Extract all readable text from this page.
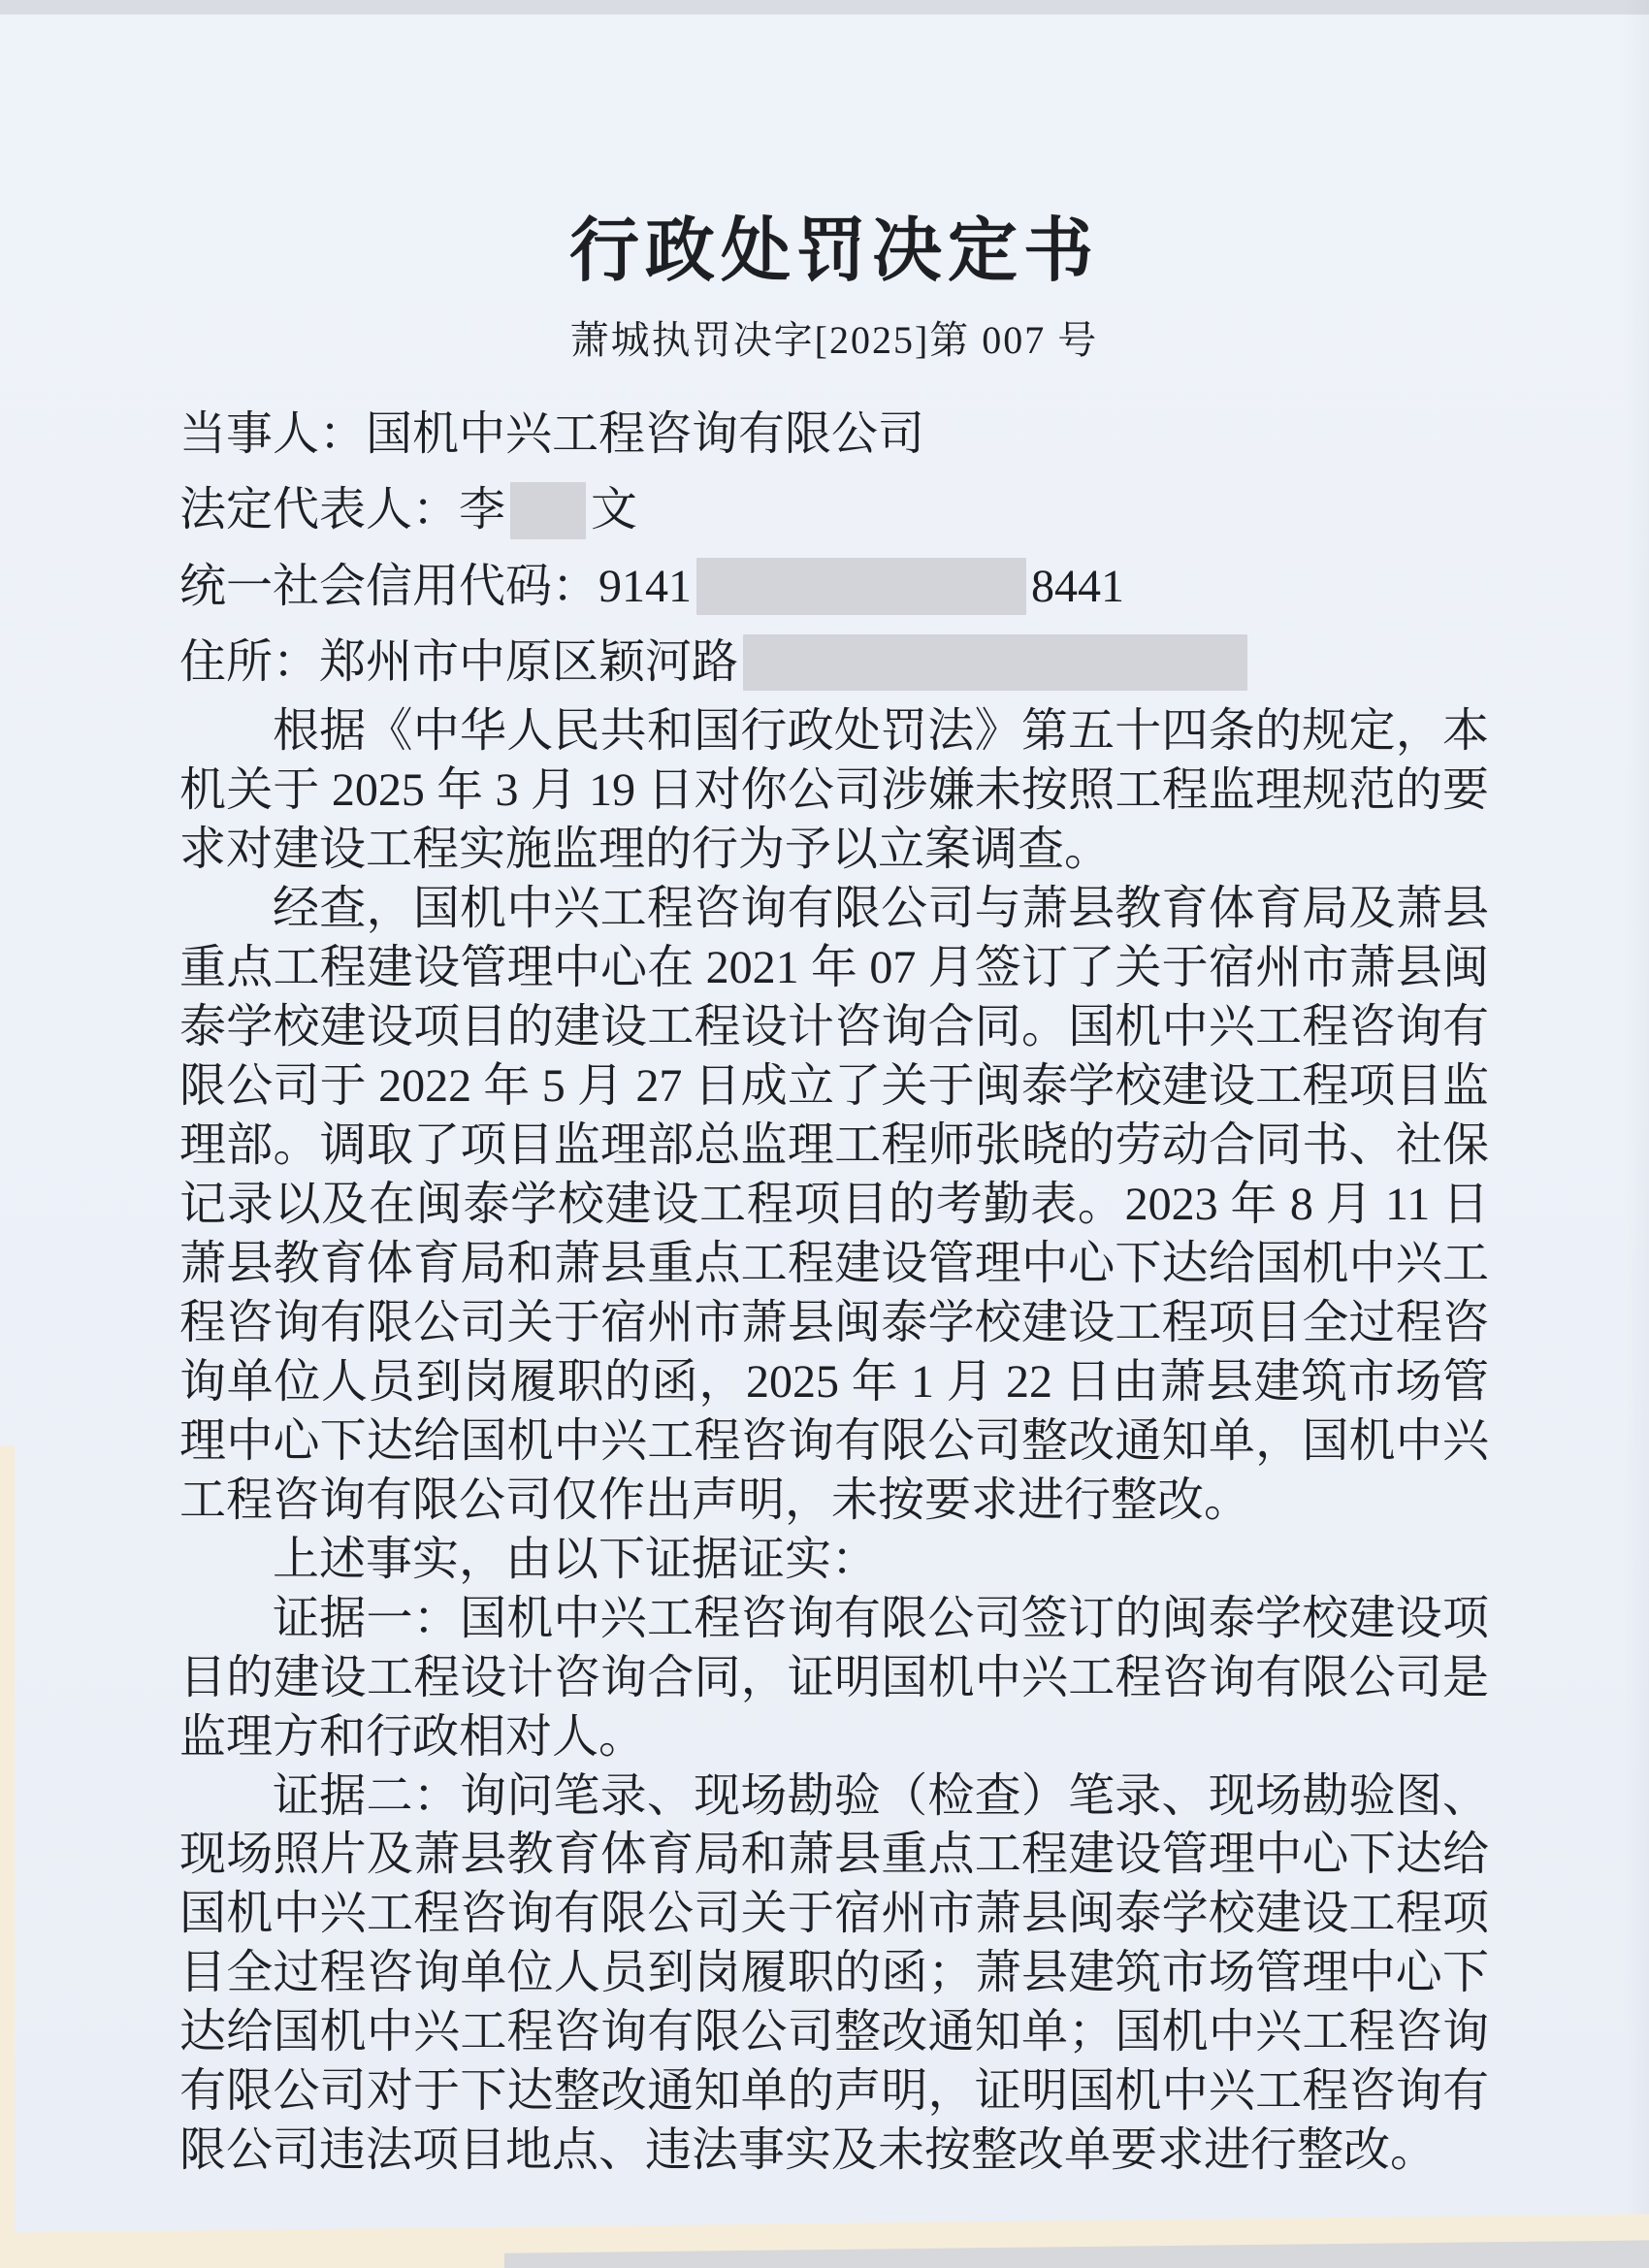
行政处罚决定书
萧城执罚决字[2025]第 007 号
当事人：国机中兴工程咨询有限公司
法定代表人：李 文
统一社会信用代码：9141	8441
住所：郑州市中原区颖河路

根据《中华人民共和国行政处罚法》第五十四条的规定，本机关于 2025 年 3 月 19 日对你公司涉嫌未按照工程监理规范的要求对建设工程实施监理的行为予以立案调查。

经查，国机中兴工程咨询有限公司与萧县教育体育局及萧县重点工程建设管理中心在 2021 年 07 月签订了关于宿州市萧县闽泰学校建设项目的建设工程设计咨询合同。国机中兴工程咨询有限公司于 2022 年 5 月 27 日成立了关于闽泰学校建设工程项目监理部。调取了项目监理部总监理工程师张晓的劳动合同书、社保记录以及在闽泰学校建设工程项目的考勤表。2023 年 8 月 11 日萧县教育体育局和萧县重点工程建设管理中心下达给国机中兴工程咨询有限公司关于宿州市萧县闽泰学校建设工程项目全过程咨询单位人员到岗履职的函，2025 年 1 月 22 日由萧县建筑市场管理中心下达给国机中兴工程咨询有限公司整改通知单，国机中兴工程咨询有限公司仅作出声明，未按要求进行整改。

上述事实，由以下证据证实：

证据一：国机中兴工程咨询有限公司签订的闽泰学校建设项目的建设工程设计咨询合同，证明国机中兴工程咨询有限公司是监理方和行政相对人。

证据二：询问笔录、现场勘验（检查）笔录、现场勘验图、现场照片及萧县教育体育局和萧县重点工程建设管理中心下达给国机中兴工程咨询有限公司关于宿州市萧县闽泰学校建设工程项目全过程咨询单位人员到岗履职的函；萧县建筑市场管理中心下达给国机中兴工程咨询有限公司整改通知单；国机中兴工程咨询有限公司对于下达整改通知单的声明，证明国机中兴工程咨询有限公司违法项目地点、违法事实及未按整改单要求进行整改。
